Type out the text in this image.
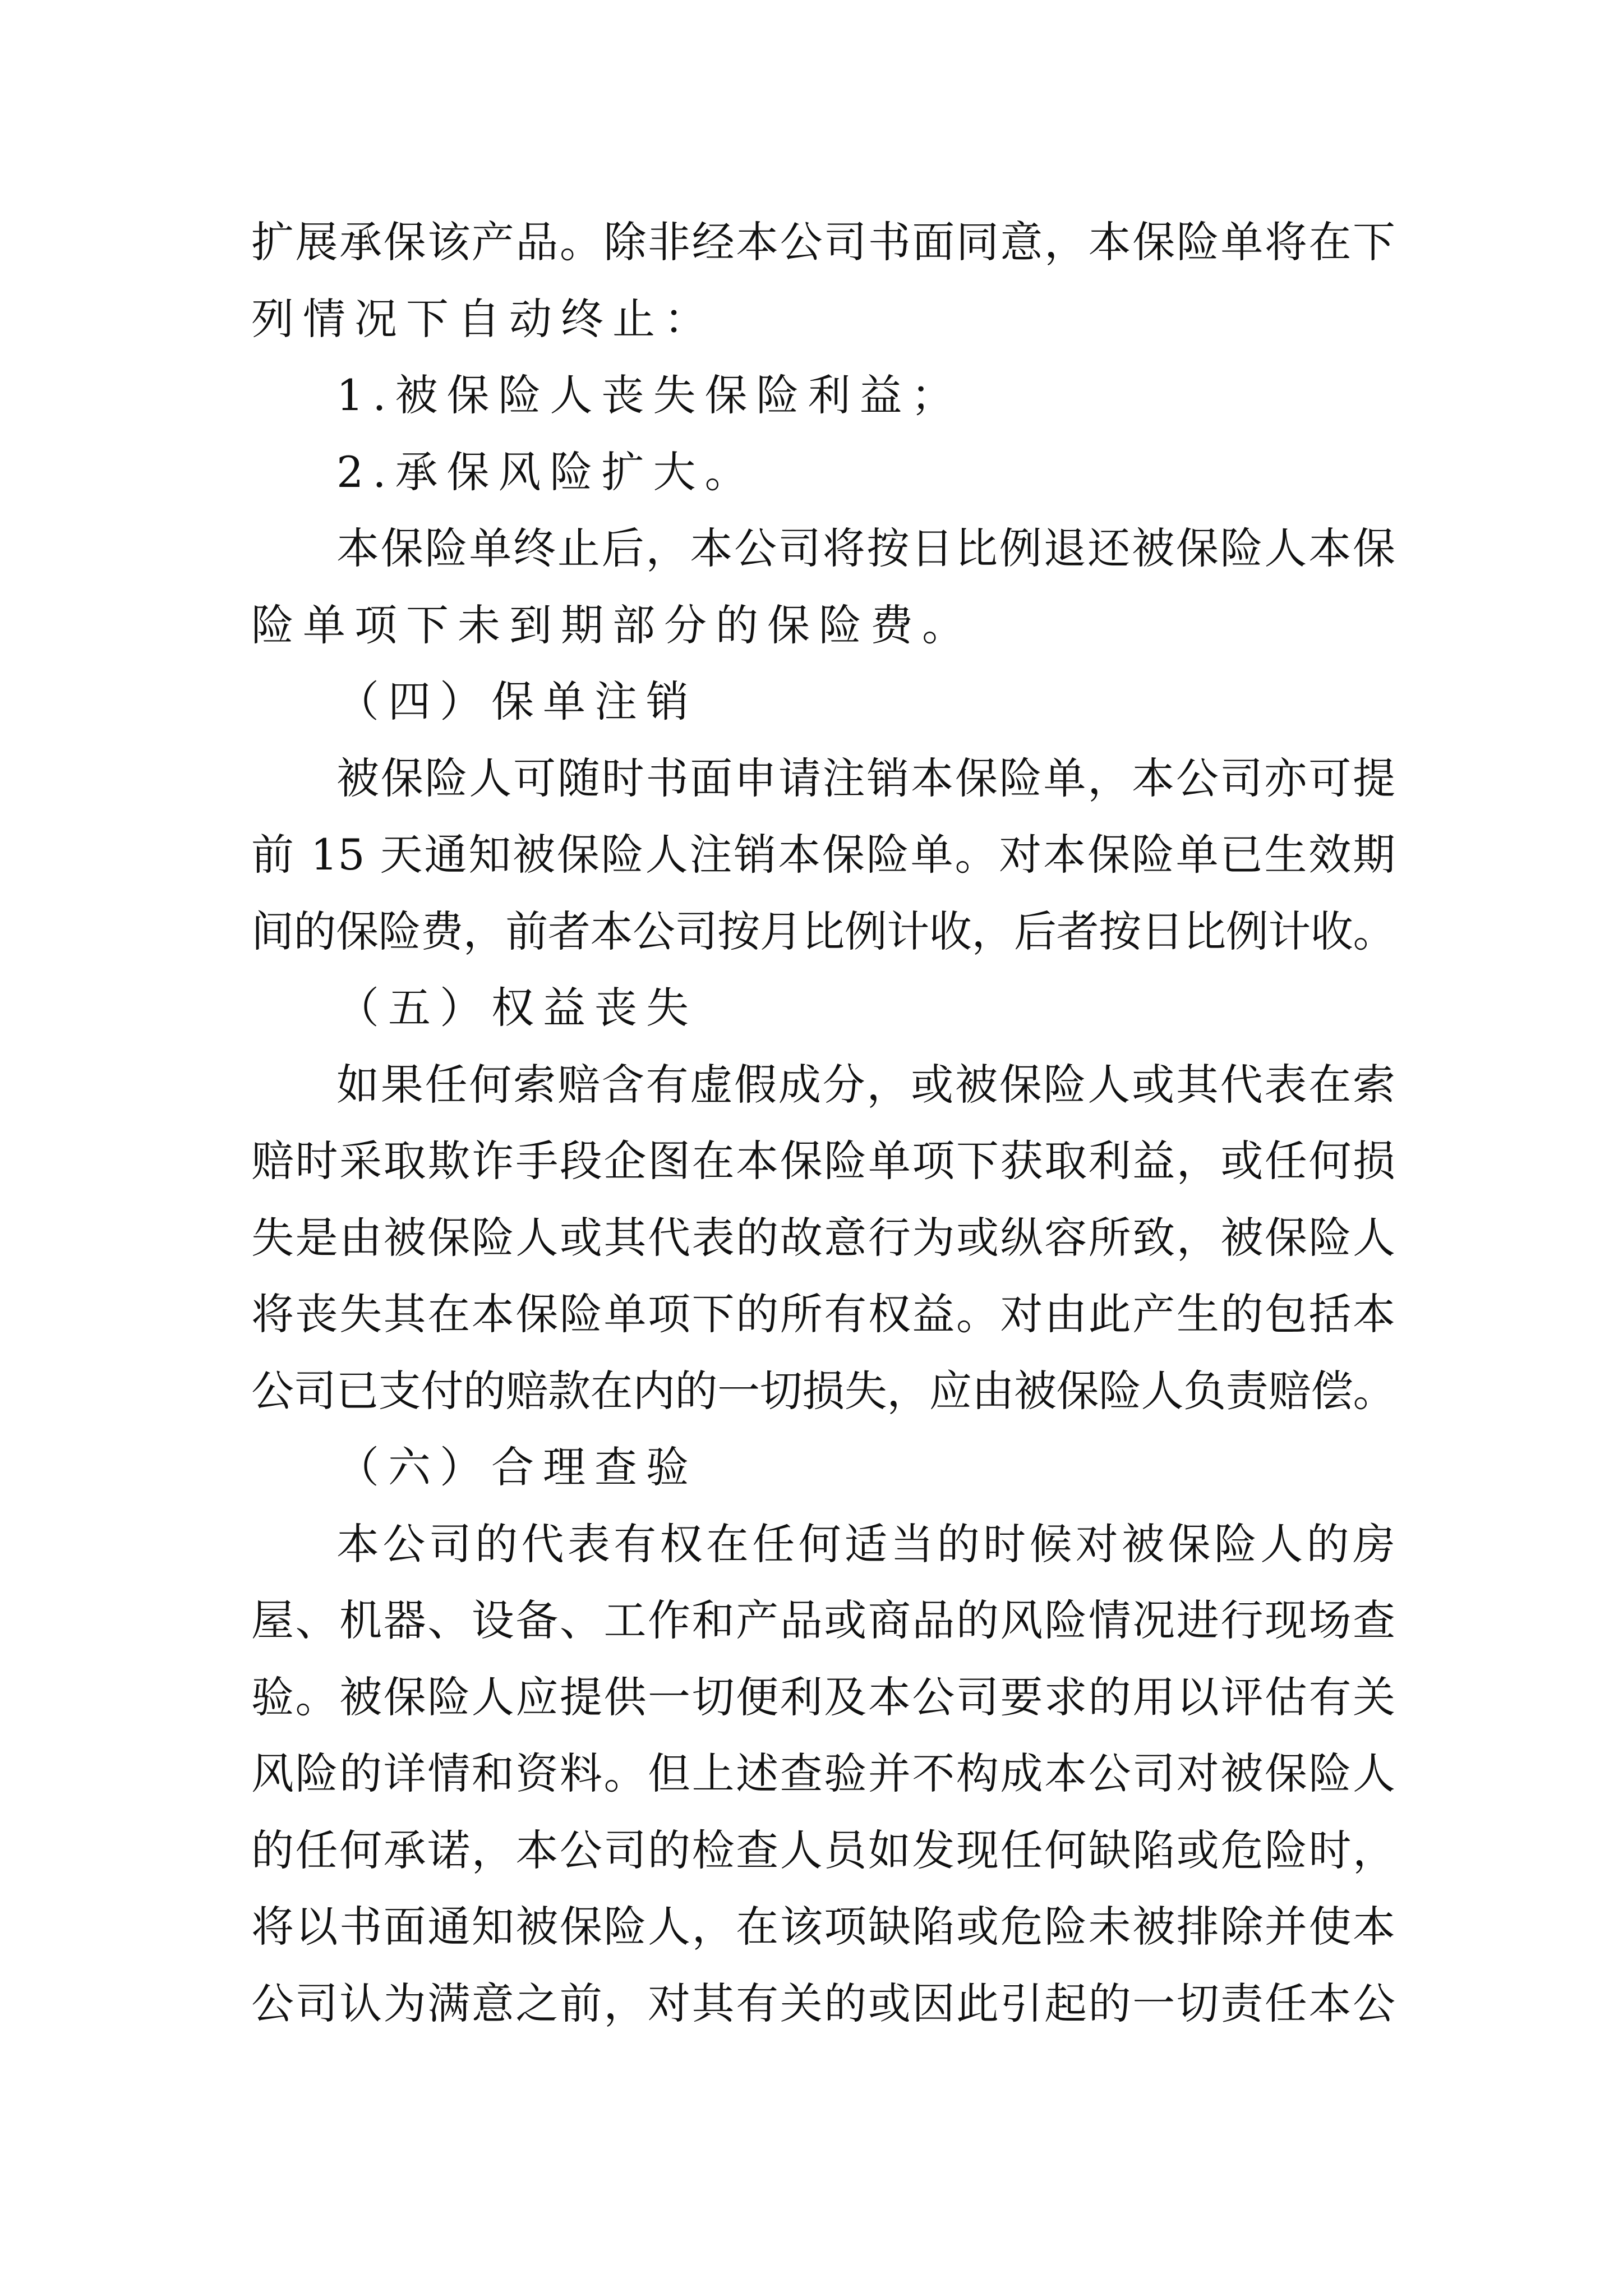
扩展承保该产品。除非经本公司书面同意，本保险单将在下

列情况下自动终止：

1.被保险人丧失保险利益；

2.承保风险扩大。

本保险单终止后，本公司将按日比例退还被保险人本保

险单项下未到期部分的保险费。

（四）保单注销

被保险人可随时书面申请注销本保险单，本公司亦可提

前 15 天通知被保险人注销本保险单。对本保险单已生效期

间的保险费，前者本公司按月比例计收，后者按日比例计收。

（五）权益丧失

如果任何索赔含有虚假成分，或被保险人或其代表在索

赔时采取欺诈手段企图在本保险单项下获取利益，或任何损

失是由被保险人或其代表的故意行为或纵容所致，被保险人

将丧失其在本保险单项下的所有权益。对由此产生的包括本

公司已支付的赔款在内的一切损失，应由被保险人负责赔偿。

（六）合理查验

本公司的代表有权在任何适当的时候对被保险人的房

屋、机器、设备、工作和产品或商品的风险情况进行现场查

验。被保险人应提供一切便利及本公司要求的用以评估有关

风险的详情和资料。但上述查验并不构成本公司对被保险人

的任何承诺，本公司的检查人员如发现任何缺陷或危险时，

将以书面通知被保险人，在该项缺陷或危险未被排除并使本

公司认为满意之前，对其有关的或因此引起的一切责任本公
